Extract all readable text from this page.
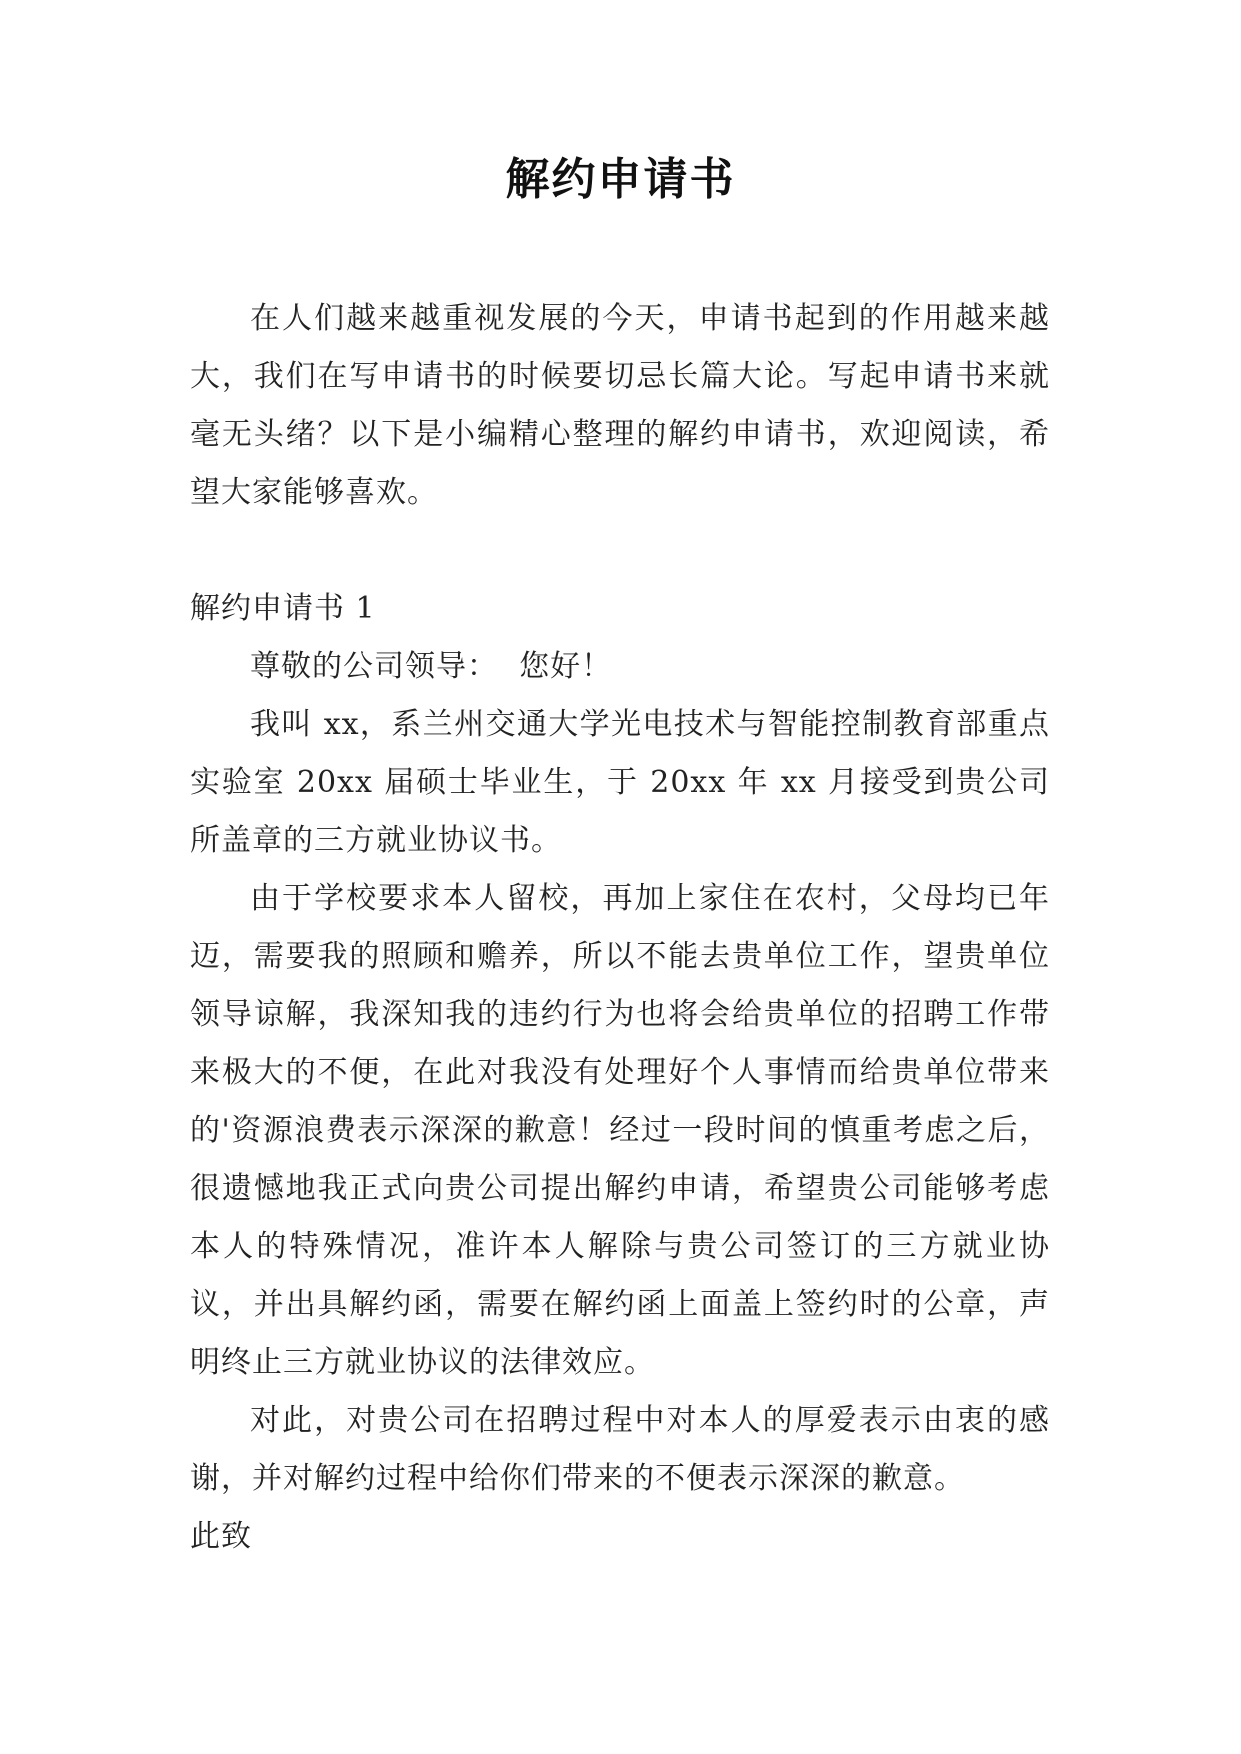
解约申请书

在人们越来越重视发展的今天，申请书起到的作用越来越大，我们在写申请书的时候要切忌长篇大论。写起申请书来就毫无头绪？以下是小编精心整理的解约申请书，欢迎阅读，希望大家能够喜欢。

解约申请书 1

尊敬的公司领导：  您好！

我叫 xx，系兰州交通大学光电技术与智能控制教育部重点实验室 20xx 届硕士毕业生，于 20xx 年 xx 月接受到贵公司所盖章的三方就业协议书。

由于学校要求本人留校，再加上家住在农村，父母均已年迈，需要我的照顾和赡养，所以不能去贵单位工作，望贵单位领导谅解，我深知我的违约行为也将会给贵单位的招聘工作带来极大的不便，在此对我没有处理好个人事情而给贵单位带来的'资源浪费表示深深的歉意！经过一段时间的慎重考虑之后，很遗憾地我正式向贵公司提出解约申请，希望贵公司能够考虑本人的特殊情况，准许本人解除与贵公司签订的三方就业协议，并出具解约函，需要在解约函上面盖上签约时的公章，声明终止三方就业协议的法律效应。

对此，对贵公司在招聘过程中对本人的厚爱表示由衷的感谢，并对解约过程中给你们带来的不便表示深深的歉意。

此致
